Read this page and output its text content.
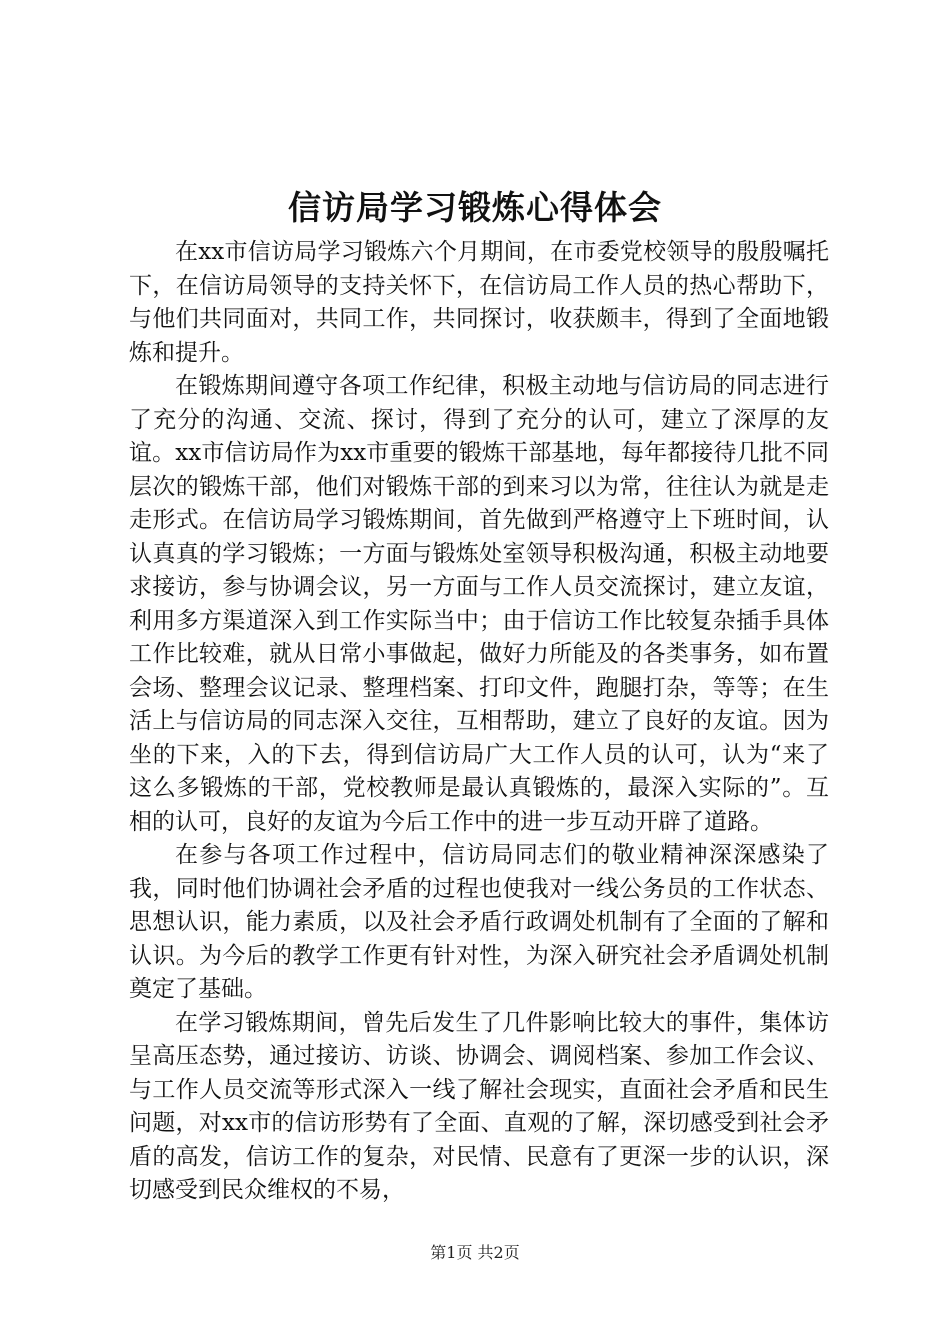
信访局学习锻炼心得体会

在xx市信访局学习锻炼六个月期间，在市委党校领导的殷殷嘱托下，在信访局领导的支持关怀下，在信访局工作人员的热心帮助下，与他们共同面对，共同工作，共同探讨，收获颇丰，得到了全面地锻炼和提升。

在锻炼期间遵守各项工作纪律，积极主动地与信访局的同志进行了充分的沟通、交流、探讨，得到了充分的认可，建立了深厚的友谊。xx市信访局作为xx市重要的锻炼干部基地，每年都接待几批不同层次的锻炼干部，他们对锻炼干部的到来习以为常，往往认为就是走走形式。在信访局学习锻炼期间，首先做到严格遵守上下班时间，认认真真的学习锻炼；一方面与锻炼处室领导积极沟通，积极主动地要求接访，参与协调会议，另一方面与工作人员交流探讨，建立友谊，利用多方渠道深入到工作实际当中；由于信访工作比较复杂插手具体工作比较难，就从日常小事做起，做好力所能及的各类事务，如布置会场、整理会议记录、整理档案、打印文件，跑腿打杂，等等；在生活上与信访局的同志深入交往，互相帮助，建立了良好的友谊。因为坐的下来，入的下去，得到信访局广大工作人员的认可，认为“来了这么多锻炼的干部，党校教师是最认真锻炼的，最深入实际的”。互相的认可，良好的友谊为今后工作中的进一步互动开辟了道路。

在参与各项工作过程中，信访局同志们的敬业精神深深感染了我，同时他们协调社会矛盾的过程也使我对一线公务员的工作状态、思想认识，能力素质，以及社会矛盾行政调处机制有了全面的了解和认识。为今后的教学工作更有针对性，为深入研究社会矛盾调处机制奠定了基础。

在学习锻炼期间，曾先后发生了几件影响比较大的事件，集体访呈高压态势，通过接访、访谈、协调会、调阅档案、参加工作会议、与工作人员交流等形式深入一线了解社会现实，直面社会矛盾和民生问题，对xx市的信访形势有了全面、直观的了解，深切感受到社会矛盾的高发，信访工作的复杂，对民情、民意有了更深一步的认识，深切感受到民众维权的不易，

第1页 共2页
